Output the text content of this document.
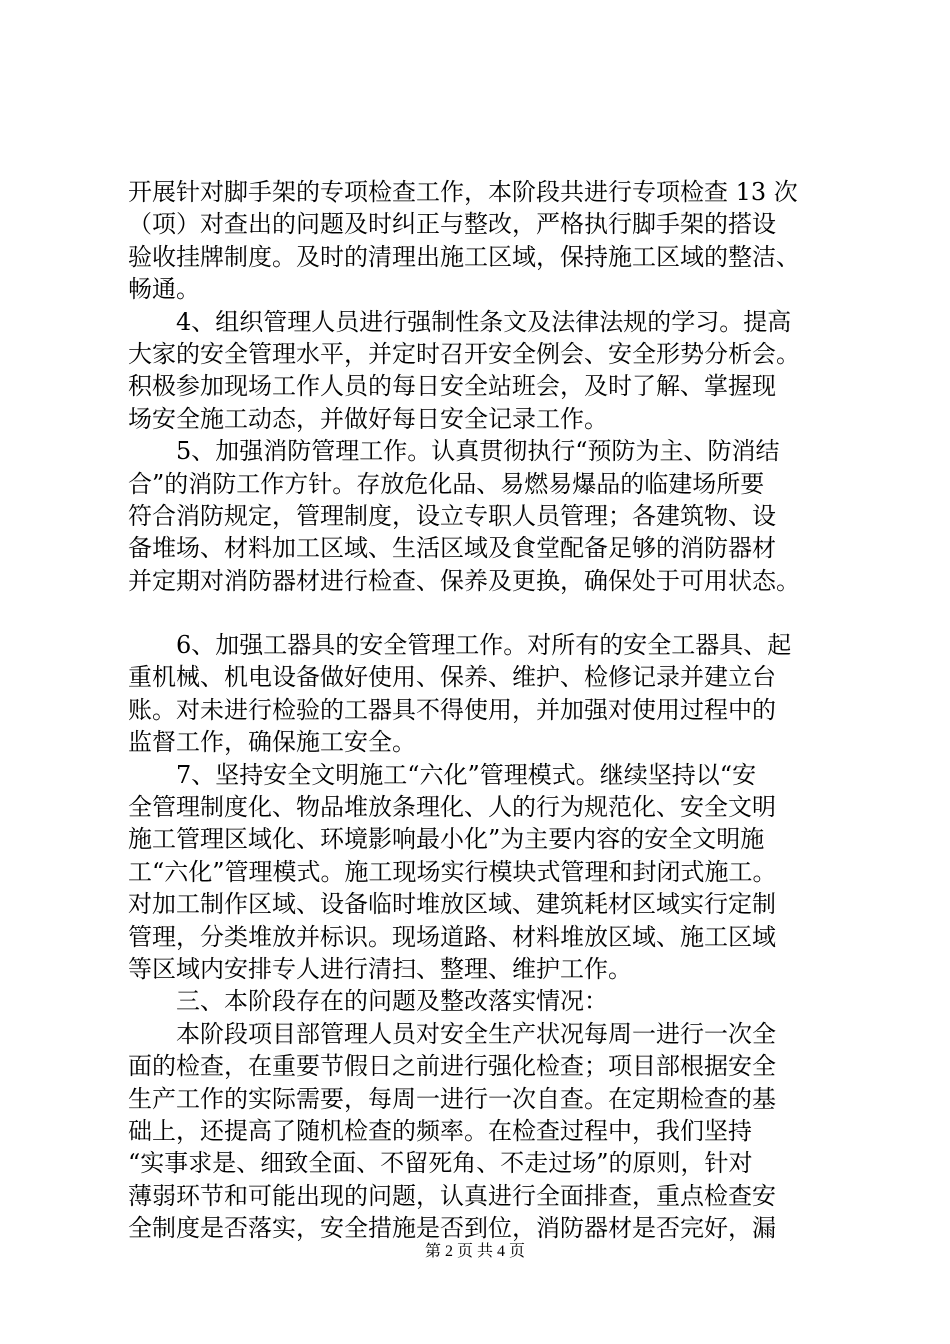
开展针对脚手架的专项检查工作，本阶段共进行专项检查 13 次
（项）对查出的问题及时纠正与整改，严格执行脚手架的搭设
验收挂牌制度。及时的清理出施工区域，保持施工区域的整洁、
畅通。
　　4、组织管理人员进行强制性条文及法律法规的学习。提高
大家的安全管理水平，并定时召开安全例会、安全形势分析会。
积极参加现场工作人员的每日安全站班会，及时了解、掌握现
场安全施工动态，并做好每日安全记录工作。
　　5、加强消防管理工作。认真贯彻执行“预防为主、防消结
合”的消防工作方针。存放危化品、易燃易爆品的临建场所要
符合消防规定，管理制度，设立专职人员管理；各建筑物、设
备堆场、材料加工区域、生活区域及食堂配备足够的消防器材
并定期对消防器材进行检查、保养及更换，确保处于可用状态。
　　6、加强工器具的安全管理工作。对所有的安全工器具、起
重机械、机电设备做好使用、保养、维护、检修记录并建立台
账。对未进行检验的工器具不得使用，并加强对使用过程中的
监督工作，确保施工安全。
　　7、坚持安全文明施工“六化”管理模式。继续坚持以“安
全管理制度化、物品堆放条理化、人的行为规范化、安全文明
施工管理区域化、环境影响最小化”为主要内容的安全文明施
工“六化”管理模式。施工现场实行模块式管理和封闭式施工。
对加工制作区域、设备临时堆放区域、建筑耗材区域实行定制
管理，分类堆放并标识。现场道路、材料堆放区域、施工区域
等区域内安排专人进行清扫、整理、维护工作。
　　三、本阶段存在的问题及整改落实情况：
　　本阶段项目部管理人员对安全生产状况每周一进行一次全
面的检查，在重要节假日之前进行强化检查；项目部根据安全
生产工作的实际需要，每周一进行一次自查。在定期检查的基
础上，还提高了随机检查的频率。在检查过程中，我们坚持
“实事求是、细致全面、不留死角、不走过场”的原则，针对
薄弱环节和可能出现的问题，认真进行全面排查，重点检查安
全制度是否落实，安全措施是否到位，消防器材是否完好，漏
第 2 页 共 4 页
